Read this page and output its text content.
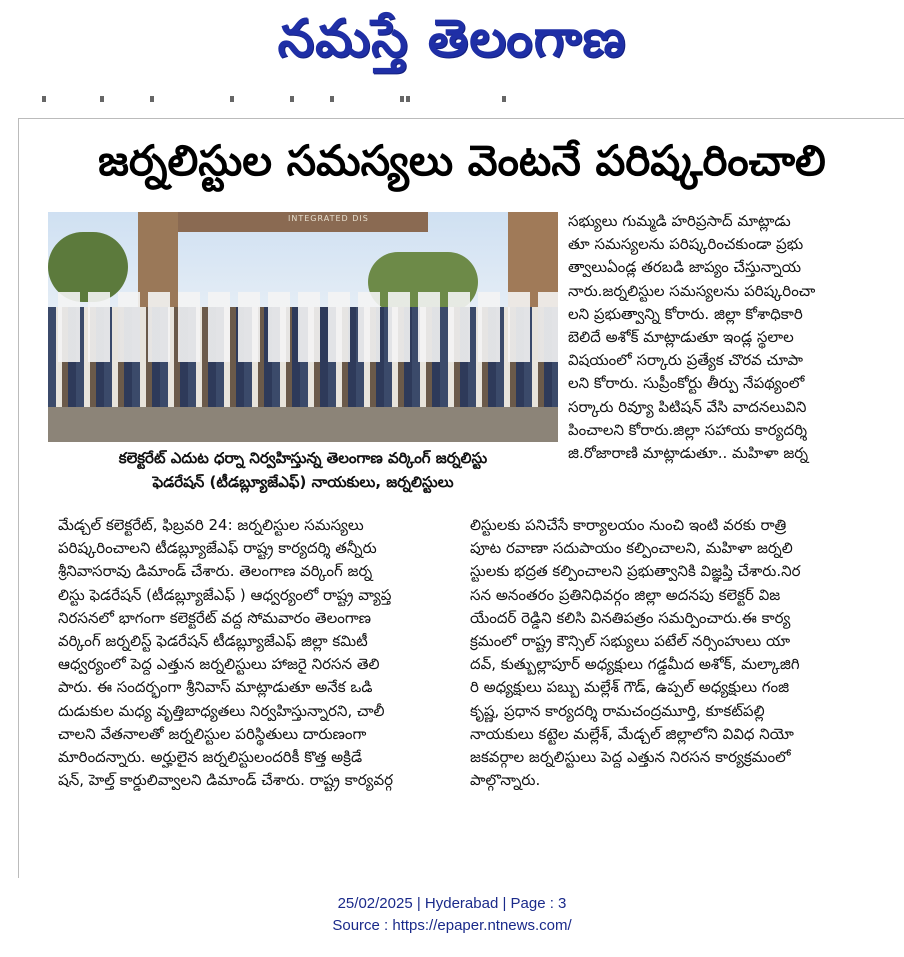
నమస్తే తెలంగాణ
జర్నలిస్టుల సమస్యలు వెంటనే పరిష్కరించాలి
INTEGRATED DIS
కలెక్టరేట్ ఎదుట ధర్నా నిర్వహిస్తున్న తెలంగాణ వర్కింగ్ జర్నలిస్టు
ఫెడరేషన్ (టీడబ్ల్యూజేఎఫ్) నాయకులు, జర్నలిస్టులు

సభ్యులు గుమ్మడి హరిప్రసాద్ మాట్లాడు

తూ సమస్యలను పరిష్కరించకుండా ప్రభు

త్వాలుఏండ్ల తరబడి జాప్యం చేస్తున్నాయ

నారు.జర్నలిస్టుల సమస్యలను పరిష్కరించా

లని ప్రభుత్వాన్ని కోరారు. జిల్లా కోశాధికారి

బెలిదే అశోక్ మాట్లాడుతూ ఇండ్ల స్థలాల

విషయంలో సర్కారు ప్రత్యేక చొరవ చూపా

లని కోరారు. సుప్రీంకోర్టు తీర్పు నేపథ్యంలో

సర్కారు రివ్యూ పిటిషన్ వేసి వాదనలువిని

పించాలని కోరారు.జిల్లా సహాయ కార్యదర్శి

జి.రోజారాణి మాట్లాడుతూ.. మహిళా జర్న

మేడ్చల్ కలెక్టరేట్, ఫిబ్రవరి 24: జర్నలిస్టుల సమస్యలు

పరిష్కరించాలని టీడబ్ల్యూజేఎఫ్ రాష్ట్ర కార్యదర్శి తన్నీరు

శ్రీనివాసరావు డిమాండ్ చేశారు. తెలంగాణ వర్కింగ్ జర్న

లిస్టు ఫెడరేషన్ (టీడబ్ల్యూజేఎఫ్ ) ఆధ్వర్యంలో రాష్ట్ర వ్యాప్త

నిరసనలో భాగంగా కలెక్టరేట్ వద్ద సోమవారం తెలంగాణ

వర్కింగ్ జర్నలిస్ట్ ఫెడరేషన్ టీడబ్ల్యూజేఎఫ్ జిల్లా కమిటీ

ఆధ్వర్యంలో పెద్ద ఎత్తున జర్నలిస్టులు హాజరై నిరసన తెలి

పారు. ఈ సందర్భంగా శ్రీనివాస్ మాట్లాడుతూ అనేక ఒడి

దుడుకుల మధ్య వృత్తిబాధ్యతలు నిర్వహిస్తున్నారని, చాలీ

చాలని వేతనాలతో జర్నలిస్టుల పరిస్థితులు దారుణంగా

మారిందన్నారు. అర్హులైన జర్నలిస్టులందరికీ కొత్త అక్రిడే

షన్, హెల్త్ కార్డులివ్వాలని డిమాండ్ చేశారు. రాష్ట్ర కార్యవర్గ

లిస్టులకు పనిచేసే కార్యాలయం నుంచి ఇంటి వరకు రాత్రి

పూట రవాణా సదుపాయం కల్పించాలని, మహిళా జర్నలి

స్టులకు భద్రత కల్పించాలని ప్రభుత్వానికి విజ్ఞప్తి చేశారు.నిర

సన అనంతరం ప్రతినిధివర్గం జిల్లా అదనపు కలెక్టర్ విజ

యేందర్ రెడ్డిని కలిసి వినతిపత్రం సమర్పించారు.ఈ కార్య

క్రమంలో రాష్ట్ర కౌన్సిల్ సభ్యులు పటేల్ నర్సింహులు యా

దవ్, కుత్బుల్లాపూర్ అధ్యక్షులు గడ్డమీద అశోక్, మల్కాజిగి

రి అధ్యక్షులు పబ్బు మల్లేశ్ గౌడ్, ఉప్పల్ అధ్యక్షులు గంజి

కృష్ణ, ప్రధాన కార్యదర్శి రామచంద్రమూర్తి, కూకట్‌పల్లి

నాయకులు కట్టెల మల్లేశ్, మేడ్చల్ జిల్లాలోని వివిధ నియో

జకవర్గాల జర్నలిస్టులు పెద్ద ఎత్తున నిరసన కార్యక్రమంలో

పాల్గొన్నారు.

25/02/2025 | Hyderabad | Page : 3
Source : https://epaper.ntnews.com/
